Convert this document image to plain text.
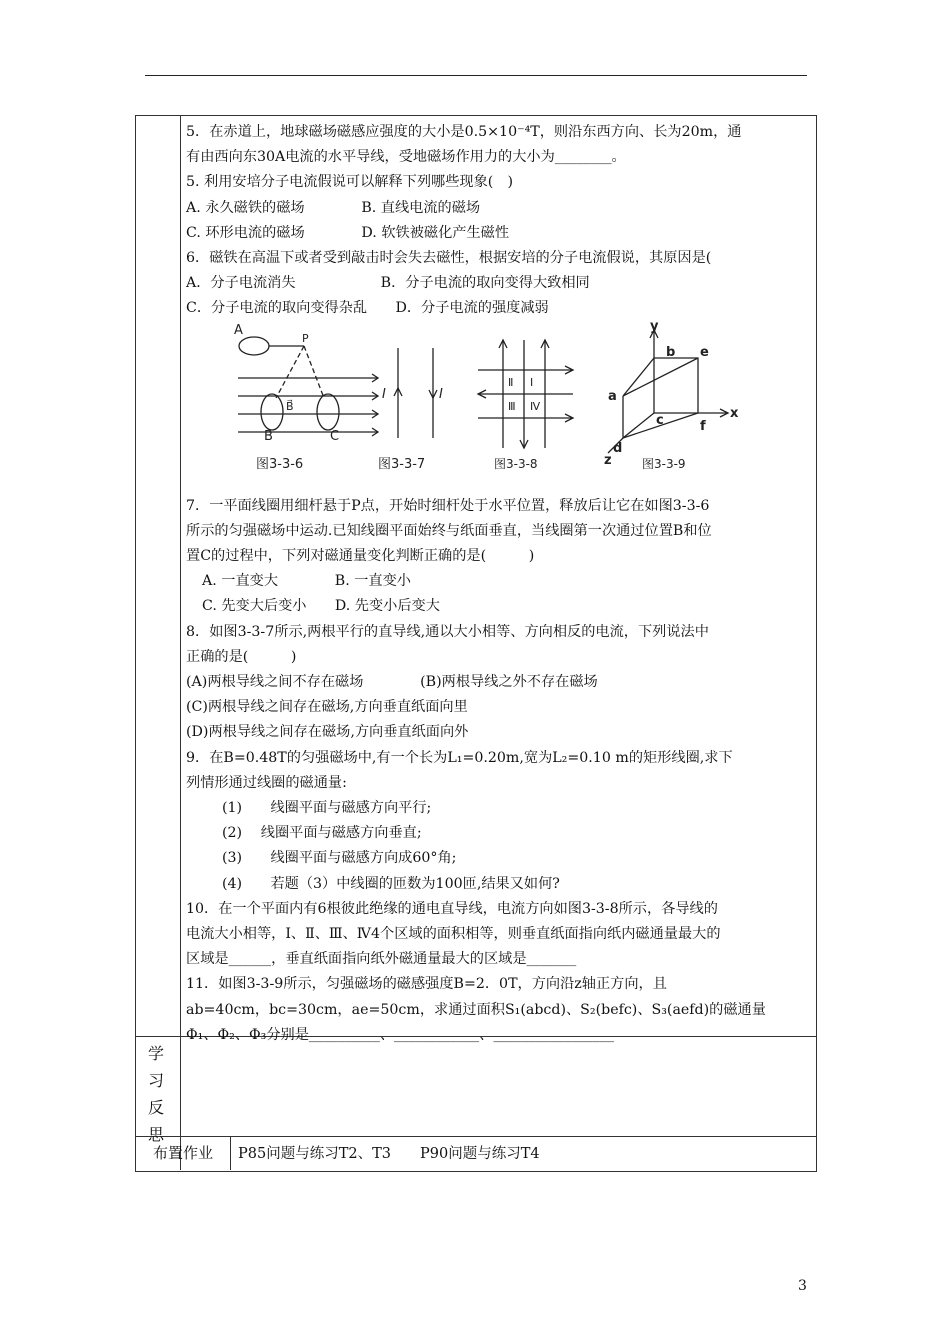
5．在赤道上，地球磁场磁感应强度的大小是0.5×10⁻⁴T，则沿东西方向、长为20m，通

有由西向东30A电流的水平导线，受地磁场作用力的大小为________。

5. 利用安培分子电流假说可以解释下列哪些现象(　)

A. 永久磁铁的磁场　　　　B. 直线电流的磁场

C. 环形电流的磁场　　　　D. 软铁被磁化产生磁性

6．磁铁在高温下或者受到敲击时会失去磁性，根据安培的分子电流假说，其原因是(

A．分子电流消失　　　　　　B．分子电流的取向变得大致相同

C．分子电流的取向变得杂乱　　D．分子电流的强度减弱

7．一平面线圈用细杆悬于P点，开始时细杆处于水平位置，释放后让它在如图3-3-6

所示的匀强磁场中运动.已知线圈平面始终与纸面垂直，当线圈第一次通过位置B和位

置C的过程中，下列对磁通量变化判断正确的是(　　　)

A. 一直变大　　　　B. 一直变小

C. 先变大后变小　　D. 先变小后变大

8．如图3-3-7所示,两根平行的直导线,通以大小相等、方向相反的电流，下列说法中

正确的是(　　　)

(A)两根导线之间不存在磁场　　　　(B)两根导线之外不存在磁场

(C)两根导线之间存在磁场,方向垂直纸面向里

(D)两根导线之间存在磁场,方向垂直纸面向外

9．在B=0.48T的匀强磁场中,有一个长为L₁=0.20m,宽为L₂=0.10 m的矩形线圈,求下

列情形通过线圈的磁通量:

(1)　　线圈平面与磁感方向平行;

(2)　 线圈平面与磁感方向垂直;

(3)　　线圈平面与磁感方向成60°角;

(4)　　若题（3）中线圈的匝数为100匝,结果又如何?

10．在一个平面内有6根彼此绝缘的通电直导线，电流方向如图3-3-8所示，各导线的

电流大小相等，Ⅰ、Ⅱ、Ⅲ、Ⅳ4个区域的面积相等，则垂直纸面指向纸内磁通量最大的

区域是______，垂直纸面指向纸外磁通量最大的区域是_______

11．如图3-3-9所示，匀强磁场的磁感强度B=2．0T，方向沿z轴正方向，且

ab=40cm，bc=30cm，ae=50cm，求通过面积S₁(abcd)、S₂(befc)、S₃(aefd)的磁通量

Φ₁、Φ₂、Φ₃分别是__________、____________、_________________

A
P
B⃗
B	C
图3-3-6
I	I
图3-3-7
Ⅱ Ⅰ
Ⅲ Ⅳ
图3-3-8
y
x
z
a
b
c
d
e
f
图3-3-9
学
习
反
思
布置作业 P85问题与练习T2、T3　　P90问题与练习T4
3
